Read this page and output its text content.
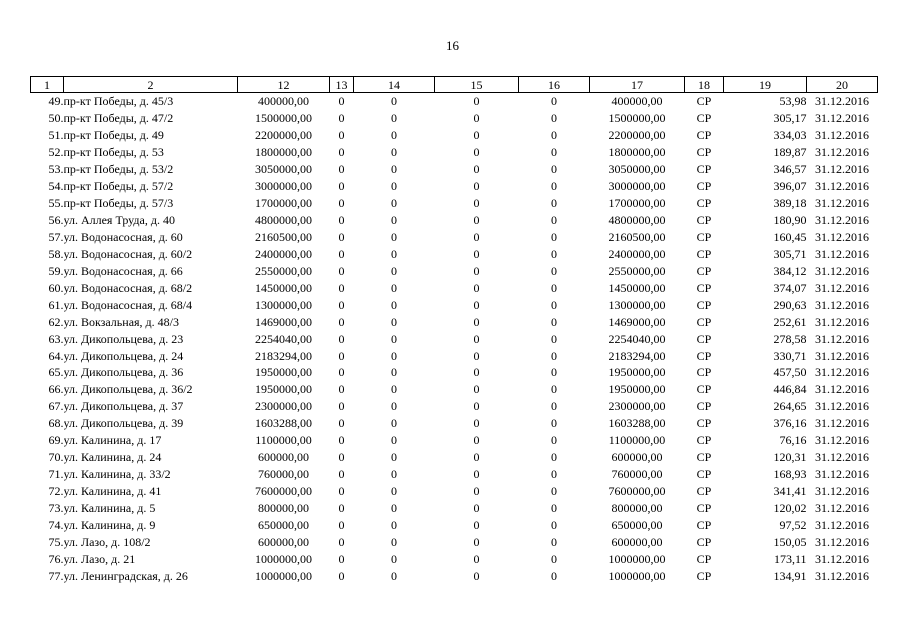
16
1	2	12	13	14	15	16	17	18	19	20
49.	пр-кт Победы, д. 45/3	400000,00	0	0	0	0	400000,00	СР	53,98	31.12.2016
50.	пр-кт Победы, д. 47/2	1500000,00	0	0	0	0	1500000,00	СР	305,17	31.12.2016
51.	пр-кт Победы, д. 49	2200000,00	0	0	0	0	2200000,00	СР	334,03	31.12.2016
52.	пр-кт Победы, д. 53	1800000,00	0	0	0	0	1800000,00	СР	189,87	31.12.2016
53.	пр-кт Победы, д. 53/2	3050000,00	0	0	0	0	3050000,00	СР	346,57	31.12.2016
54.	пр-кт Победы, д. 57/2	3000000,00	0	0	0	0	3000000,00	СР	396,07	31.12.2016
55.	пр-кт Победы, д. 57/3	1700000,00	0	0	0	0	1700000,00	СР	389,18	31.12.2016
56.	ул. Аллея Труда, д. 40	4800000,00	0	0	0	0	4800000,00	СР	180,90	31.12.2016
57.	ул. Водонасосная, д. 60	2160500,00	0	0	0	0	2160500,00	СР	160,45	31.12.2016
58.	ул. Водонасосная, д. 60/2	2400000,00	0	0	0	0	2400000,00	СР	305,71	31.12.2016
59.	ул. Водонасосная, д. 66	2550000,00	0	0	0	0	2550000,00	СР	384,12	31.12.2016
60.	ул. Водонасосная, д. 68/2	1450000,00	0	0	0	0	1450000,00	СР	374,07	31.12.2016
61.	ул. Водонасосная, д. 68/4	1300000,00	0	0	0	0	1300000,00	СР	290,63	31.12.2016
62.	ул. Вокзальная, д. 48/3	1469000,00	0	0	0	0	1469000,00	СР	252,61	31.12.2016
63.	ул. Дикопольцева, д. 23	2254040,00	0	0	0	0	2254040,00	СР	278,58	31.12.2016
64.	ул. Дикопольцева, д. 24	2183294,00	0	0	0	0	2183294,00	СР	330,71	31.12.2016
65.	ул. Дикопольцева, д. 36	1950000,00	0	0	0	0	1950000,00	СР	457,50	31.12.2016
66.	ул. Дикопольцева, д. 36/2	1950000,00	0	0	0	0	1950000,00	СР	446,84	31.12.2016
67.	ул. Дикопольцева, д. 37	2300000,00	0	0	0	0	2300000,00	СР	264,65	31.12.2016
68.	ул. Дикопольцева, д. 39	1603288,00	0	0	0	0	1603288,00	СР	376,16	31.12.2016
69.	ул. Калинина, д. 17	1100000,00	0	0	0	0	1100000,00	СР	76,16	31.12.2016
70.	ул. Калинина, д. 24	600000,00	0	0	0	0	600000,00	СР	120,31	31.12.2016
71.	ул. Калинина, д. 33/2	760000,00	0	0	0	0	760000,00	СР	168,93	31.12.2016
72.	ул. Калинина, д. 41	7600000,00	0	0	0	0	7600000,00	СР	341,41	31.12.2016
73.	ул. Калинина, д. 5	800000,00	0	0	0	0	800000,00	СР	120,02	31.12.2016
74.	ул. Калинина, д. 9	650000,00	0	0	0	0	650000,00	СР	97,52	31.12.2016
75.	ул. Лазо, д. 108/2	600000,00	0	0	0	0	600000,00	СР	150,05	31.12.2016
76.	ул. Лазо, д. 21	1000000,00	0	0	0	0	1000000,00	СР	173,11	31.12.2016
77.	ул. Ленинградская, д. 26	1000000,00	0	0	0	0	1000000,00	СР	134,91	31.12.2016
